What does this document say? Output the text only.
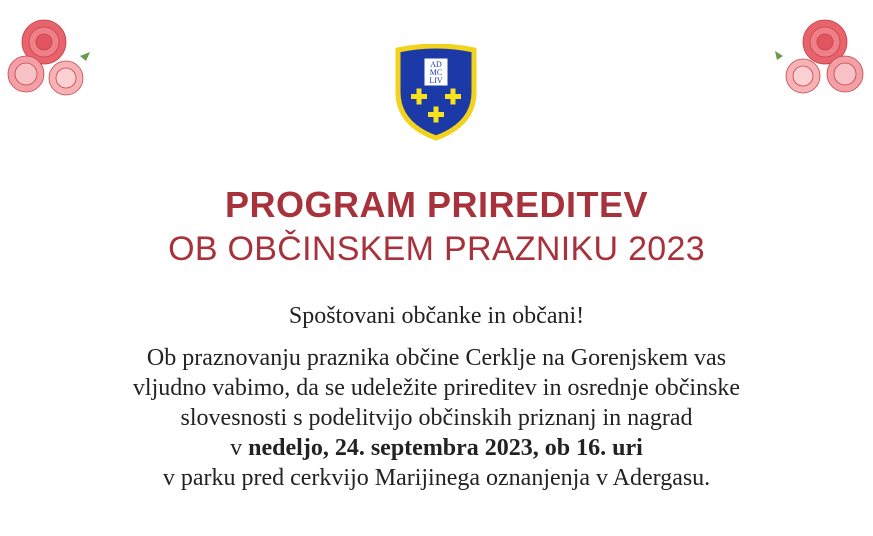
AD
MC
LIV
PROGRAM PRIREDITEV
OB OBČINSKEM PRAZNIKU 2023

Spoštovani občanke in občani!

Ob praznovanju praznika občine Cerklje na Gorenjskem vas
vljudno vabimo, da se udeležite prireditev in osrednje občinske
slovesnosti s podelitvijo občinskih priznanj in nagrad
v nedeljo, 24. septembra 2023, ob 16. uri
v parku pred cerkvijo Marijinega oznanjenja v Adergasu.
